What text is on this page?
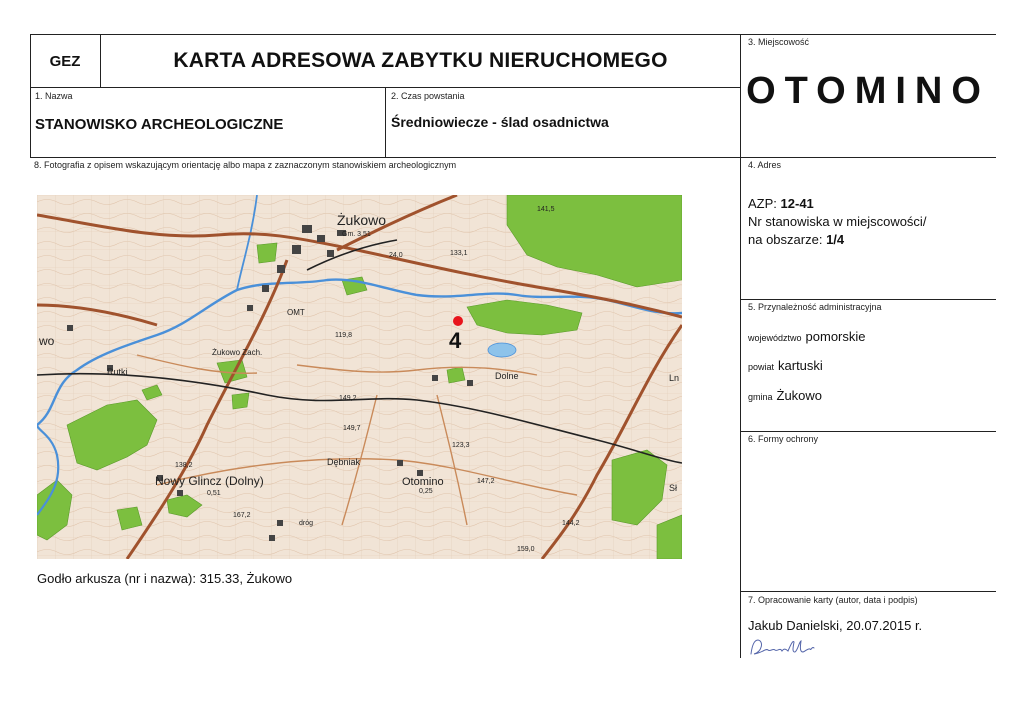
GEZ	KARTA ADRESOWA ZABYTKU NIERUCHOMEGO
1. Nazwa
STANOWISKO ARCHEOLOGICZNE
2. Czas powstania
Średniowiecze - ślad osadnictwa
3. Miejscowość
OTOMINO
4. Adres
AZP: 12-41
Nr stanowiska w miejscowości/
na obszarze: 1/4
5. Przynależność administracyjna
województwo pomorskie
powiat kartuski
gmina Żukowo
6. Formy ochrony
8. Fotografia z opisem wskazującym orientację albo mapa z zaznaczonym stanowiskiem archeologicznym
Żukowo
Gm. 3,51
Żukowo Zach.
Rutki
wo
Nowy Glincz (Dolny)
0,51
Dębniak
Otomino
0,25
Dolne	Ln
Sł
OMT
dróg
141,5
133,1
149,2
149,7
147,2
144,2
123,3
138,2
167,2
159,0
119,8
24,0
4
Godło arkusza (nr i nazwa): 315.33, Żukowo
7. Opracowanie karty (autor, data i podpis)
Jakub Danielski, 20.07.2015 r.
